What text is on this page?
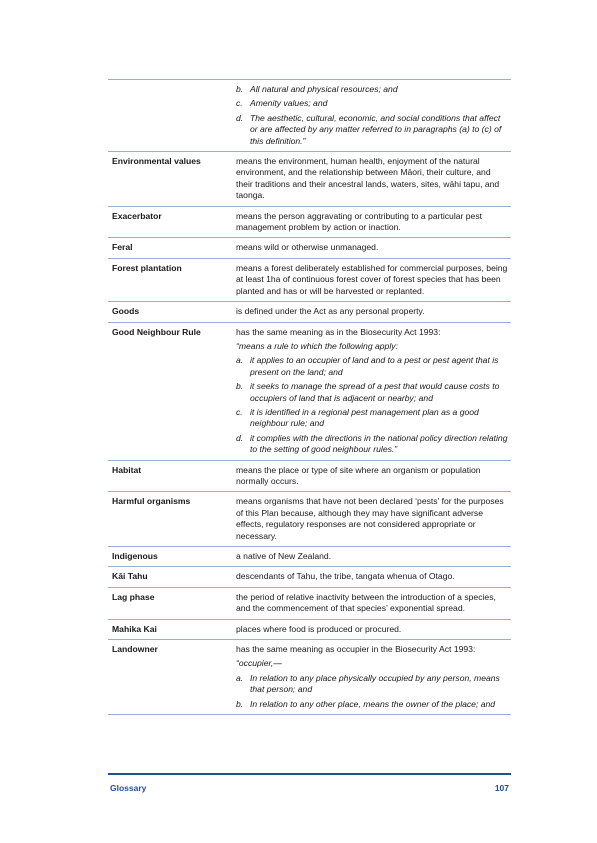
b. All natural and physical resources; and
c. Amenity values; and
d. The aesthetic, cultural, economic, and social conditions that affect or are affected by any matter referred to in paragraphs (a) to (c) of this definition.”
Environmental values	means the environment, human health, enjoyment of the natural environment, and the relationship between Māori, their culture, and their traditions and their ancestral lands, waters, sites, wāhi tapu, and taonga.

Exacerbator	means the person aggravating or contributing to a particular pest management problem by action or inaction.

Feral	means wild or otherwise unmanaged.

Forest plantation	means a forest deliberately established for commercial purposes, being at least 1ha of continuous forest cover of forest species that has been planted and has or will be harvested or replanted.

Goods	is defined under the Act as any personal property.

Good Neighbour Rule	has the same meaning as in the Biosecurity Act 1993:

“means a rule to which the following apply:

a. it applies to an occupier of land and to a pest or pest agent that is present on the land; and
b. it seeks to manage the spread of a pest that would cause costs to occupiers of land that is adjacent or nearby; and
c. it is identified in a regional pest management plan as a good neighbour rule; and
d. it complies with the directions in the national policy direction relating to the setting of good neighbour rules.”
Habitat	means the place or type of site where an organism or population normally occurs.

Harmful organisms	means organisms that have not been declared ‘pests’ for the purposes of this Plan because, although they may have significant adverse effects, regulatory responses are not considered appropriate or necessary.

Indigenous	a native of New Zealand.

Kāi Tahu	descendants of Tahu, the tribe, tangata whenua of Otago.

Lag phase	the period of relative inactivity between the introduction of a species, and the commencement of that species’ exponential spread.

Mahika Kai	places where food is produced or procured.

Landowner	has the same meaning as occupier in the Biosecurity Act 1993:

“occupier,—

a. In relation to any place physically occupied by any person, means that person; and
b. In relation to any other place, means the owner of the place; and
Glossary	107
